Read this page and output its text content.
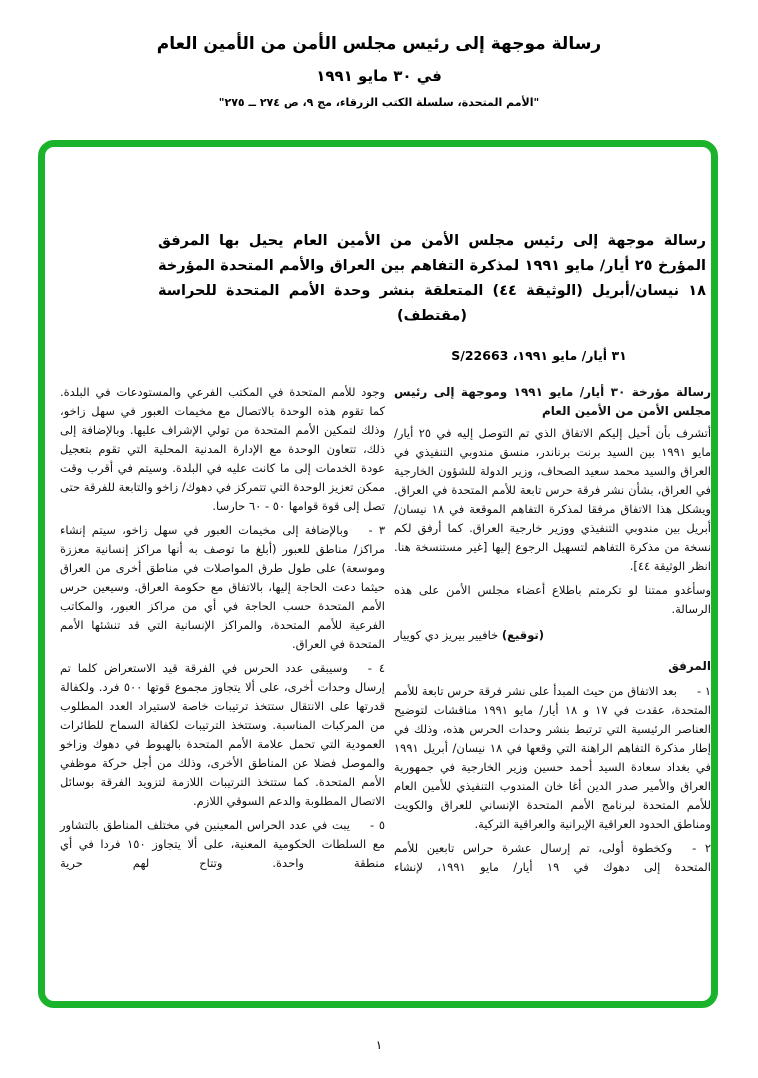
رسالة موجهة إلى رئيس مجلس الأمن من الأمين العام
في ٣٠ مايو ١٩٩١
"الأمم المتحدة، سلسلة الكتب الزرقاء، مج ٩، ص ٢٧٤ ــ ٢٧٥"
رسالة موجهة إلى رئيس مجلس الأمن من الأمين العام يحيل بها المرفق المؤرخ ٢٥ أيار/ مايو ١٩٩١ لمذكرة التفاهم بين العراق والأمم المتحدة المؤرخة ١٨ نيسان/أبريل (الوثيقة ٤٤) المتعلقة بنشر وحدة الأمم المتحدة للحراسة (مقتطف)
٣١ أيار/ مايو ١٩٩١، S/22663

رسالة مؤرخة ٣٠ أيار/ مايو ١٩٩١ وموجهة إلى رئيس مجلس الأمن من الأمين العام

أتشرف بأن أحيل إليكم الاتفاق الذي تم التوصل إليه في ٢٥ أيار/ مايو ١٩٩١ بين السيد برنت برناندر، منسق مندوبي التنفيذي في العراق والسيد محمد سعيد الصحاف، وزير الدولة للشؤون الخارجية في العراق، بشأن نشر فرقة حرس تابعة للأمم المتحدة في العراق. ويشكل هذا الاتفاق مرفقا لمذكرة التفاهم الموقعة في ١٨ نيسان/ أبريل بين مندوبي التنفيذي ووزير خارجية العراق. كما أرفق لكم نسخة من مذكرة التفاهم لتسهيل الرجوع إليها [غير مستنسخة هنا. انظر الوثيقة ٤٤].

وسأغدو ممتنا لو تكرمتم باطلاع أعضاء مجلس الأمن على هذه الرسالة.

(توقيع) خافيير بيريز دي كوييار

المرفق

١ -بعد الاتفاق من حيث المبدأ على نشر فرقة حرس تابعة للأمم المتحدة، عقدت في ١٧ و ١٨ أيار/ مايو ١٩٩١ مناقشات لتوضيح العناصر الرئيسية التي ترتبط بنشر وحدات الحرس هذه، وذلك في إطار مذكرة التفاهم الراهنة التي وقعها في ١٨ نيسان/ أبريل ١٩٩١ في بغداد سعادة السيد أحمد حسين وزير الخارجية في جمهورية العراق والأمير صدر الدين أغا خان المندوب التنفيذي للأمين العام للأمم المتحدة لبرنامج الأمم المتحدة الإنساني للعراق والكويت ومناطق الحدود العراقية الإيرانية والعراقية التركية.

٢ -وكخطوة أولى، تم إرسال عشرة حراس تابعين للأمم المتحدة إلى دهوك في ١٩ أيار/ مايو ١٩٩١، لإنشاء

وجود للأمم المتحدة في المكتب الفرعي والمستودعات في البلدة. كما تقوم هذه الوحدة بالاتصال مع مخيمات العبور في سهل زاخو، وذلك لتمكين الأمم المتحدة من تولي الإشراف عليها. وبالإضافة إلى ذلك، تتعاون الوحدة مع الإدارة المدنية المحلية التي تقوم بتعجيل عودة الخدمات إلى ما كانت عليه في البلدة. وسيتم في أقرب وقت ممكن تعزيز الوحدة التي تتمركز في دهوك/ زاخو والتابعة للفرقة حتى تصل إلى قوة قوامها ٥٠ - ٦٠ حارسا.

٣ -وبالإضافة إلى مخيمات العبور في سهل زاخو، سيتم إنشاء مراكز/ مناطق للعبور (أبلغ ما توصف به أنها مراكز إنسانية معززة وموسعة) على طول طرق المواصلات في مناطق أخرى من العراق حيثما دعت الحاجة إليها، بالاتفاق مع حكومة العراق. وسيعين حرس الأمم المتحدة حسب الحاجة في أي من مراكز العبور، والمكاتب الفرعية للأمم المتحدة، والمراكز الإنسانية التي قد تنشئها الأمم المتحدة في العراق.

٤ -وسيبقى عدد الحرس في الفرقة قيد الاستعراض كلما تم إرسال وحدات أخرى، على ألا يتجاوز مجموع قوتها ٥٠٠ فرد. ولكفالة قدرتها على الانتقال ستتخذ ترتيبات خاصة لاستيراد العدد المطلوب من المركبات المناسبة. وستتخذ الترتيبات لكفالة السماح للطائرات العمودية التي تحمل علامة الأمم المتحدة بالهبوط في دهوك وزاخو والموصل فضلا عن المناطق الأخرى، وذلك من أجل حركة موظفي الأمم المتحدة. كما ستتخذ الترتيبات اللازمة لتزويد الفرقة بوسائل الاتصال المطلوبة والدعم السوقي اللازم.

٥ -يبت في عدد الحراس المعينين في مختلف المناطق بالتشاور مع السلطات الحكومية المعنية، على ألا يتجاوز ١٥٠ فردا في أي منطقة واحدة. وتتاح لهم حرية

١
